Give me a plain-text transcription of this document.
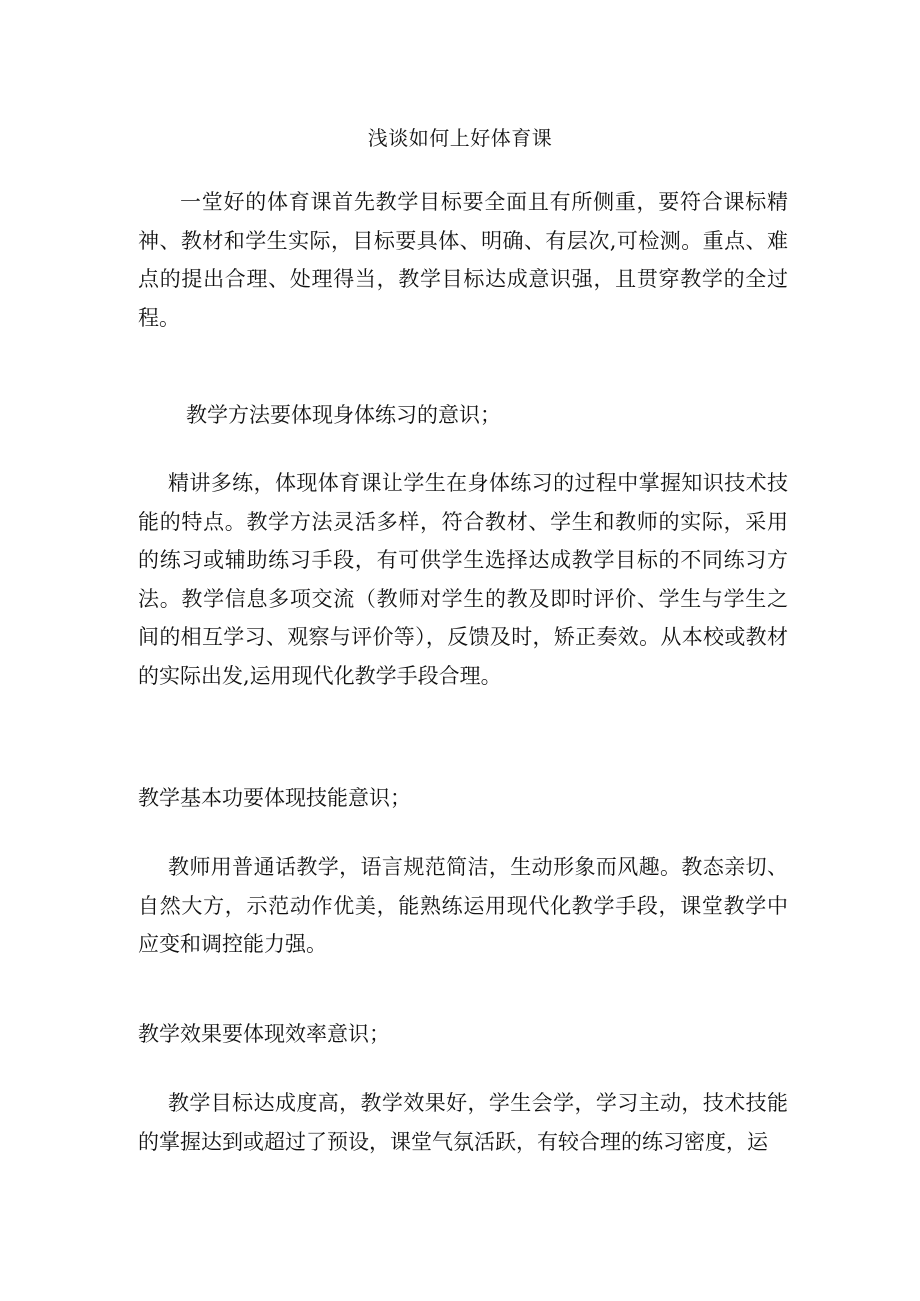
浅谈如何上好体育课

一堂好的体育课首先教学目标要全面且有所侧重，要符合课标精神、教材和学生实际，目标要具体、明确、有层次,可检测。重点、难点的提出合理、处理得当，教学目标达成意识强，且贯穿教学的全过程。

教学方法要体现身体练习的意识；

精讲多练，体现体育课让学生在身体练习的过程中掌握知识技术技能的特点。教学方法灵活多样，符合教材、学生和教师的实际，采用的练习或辅助练习手段，有可供学生选择达成教学目标的不同练习方法。教学信息多项交流（教师对学生的教及即时评价、学生与学生之间的相互学习、观察与评价等），反馈及时，矫正奏效。从本校或教材的实际出发,运用现代化教学手段合理。

教学基本功要体现技能意识；

教师用普通话教学，语言规范简洁，生动形象而风趣。教态亲切、自然大方，示范动作优美，能熟练运用现代化教学手段，课堂教学中应变和调控能力强。

教学效果要体现效率意识；

教学目标达成度高，教学效果好，学生会学，学习主动，技术技能的掌握达到或超过了预设，课堂气氛活跃，有较合理的练习密度，运
